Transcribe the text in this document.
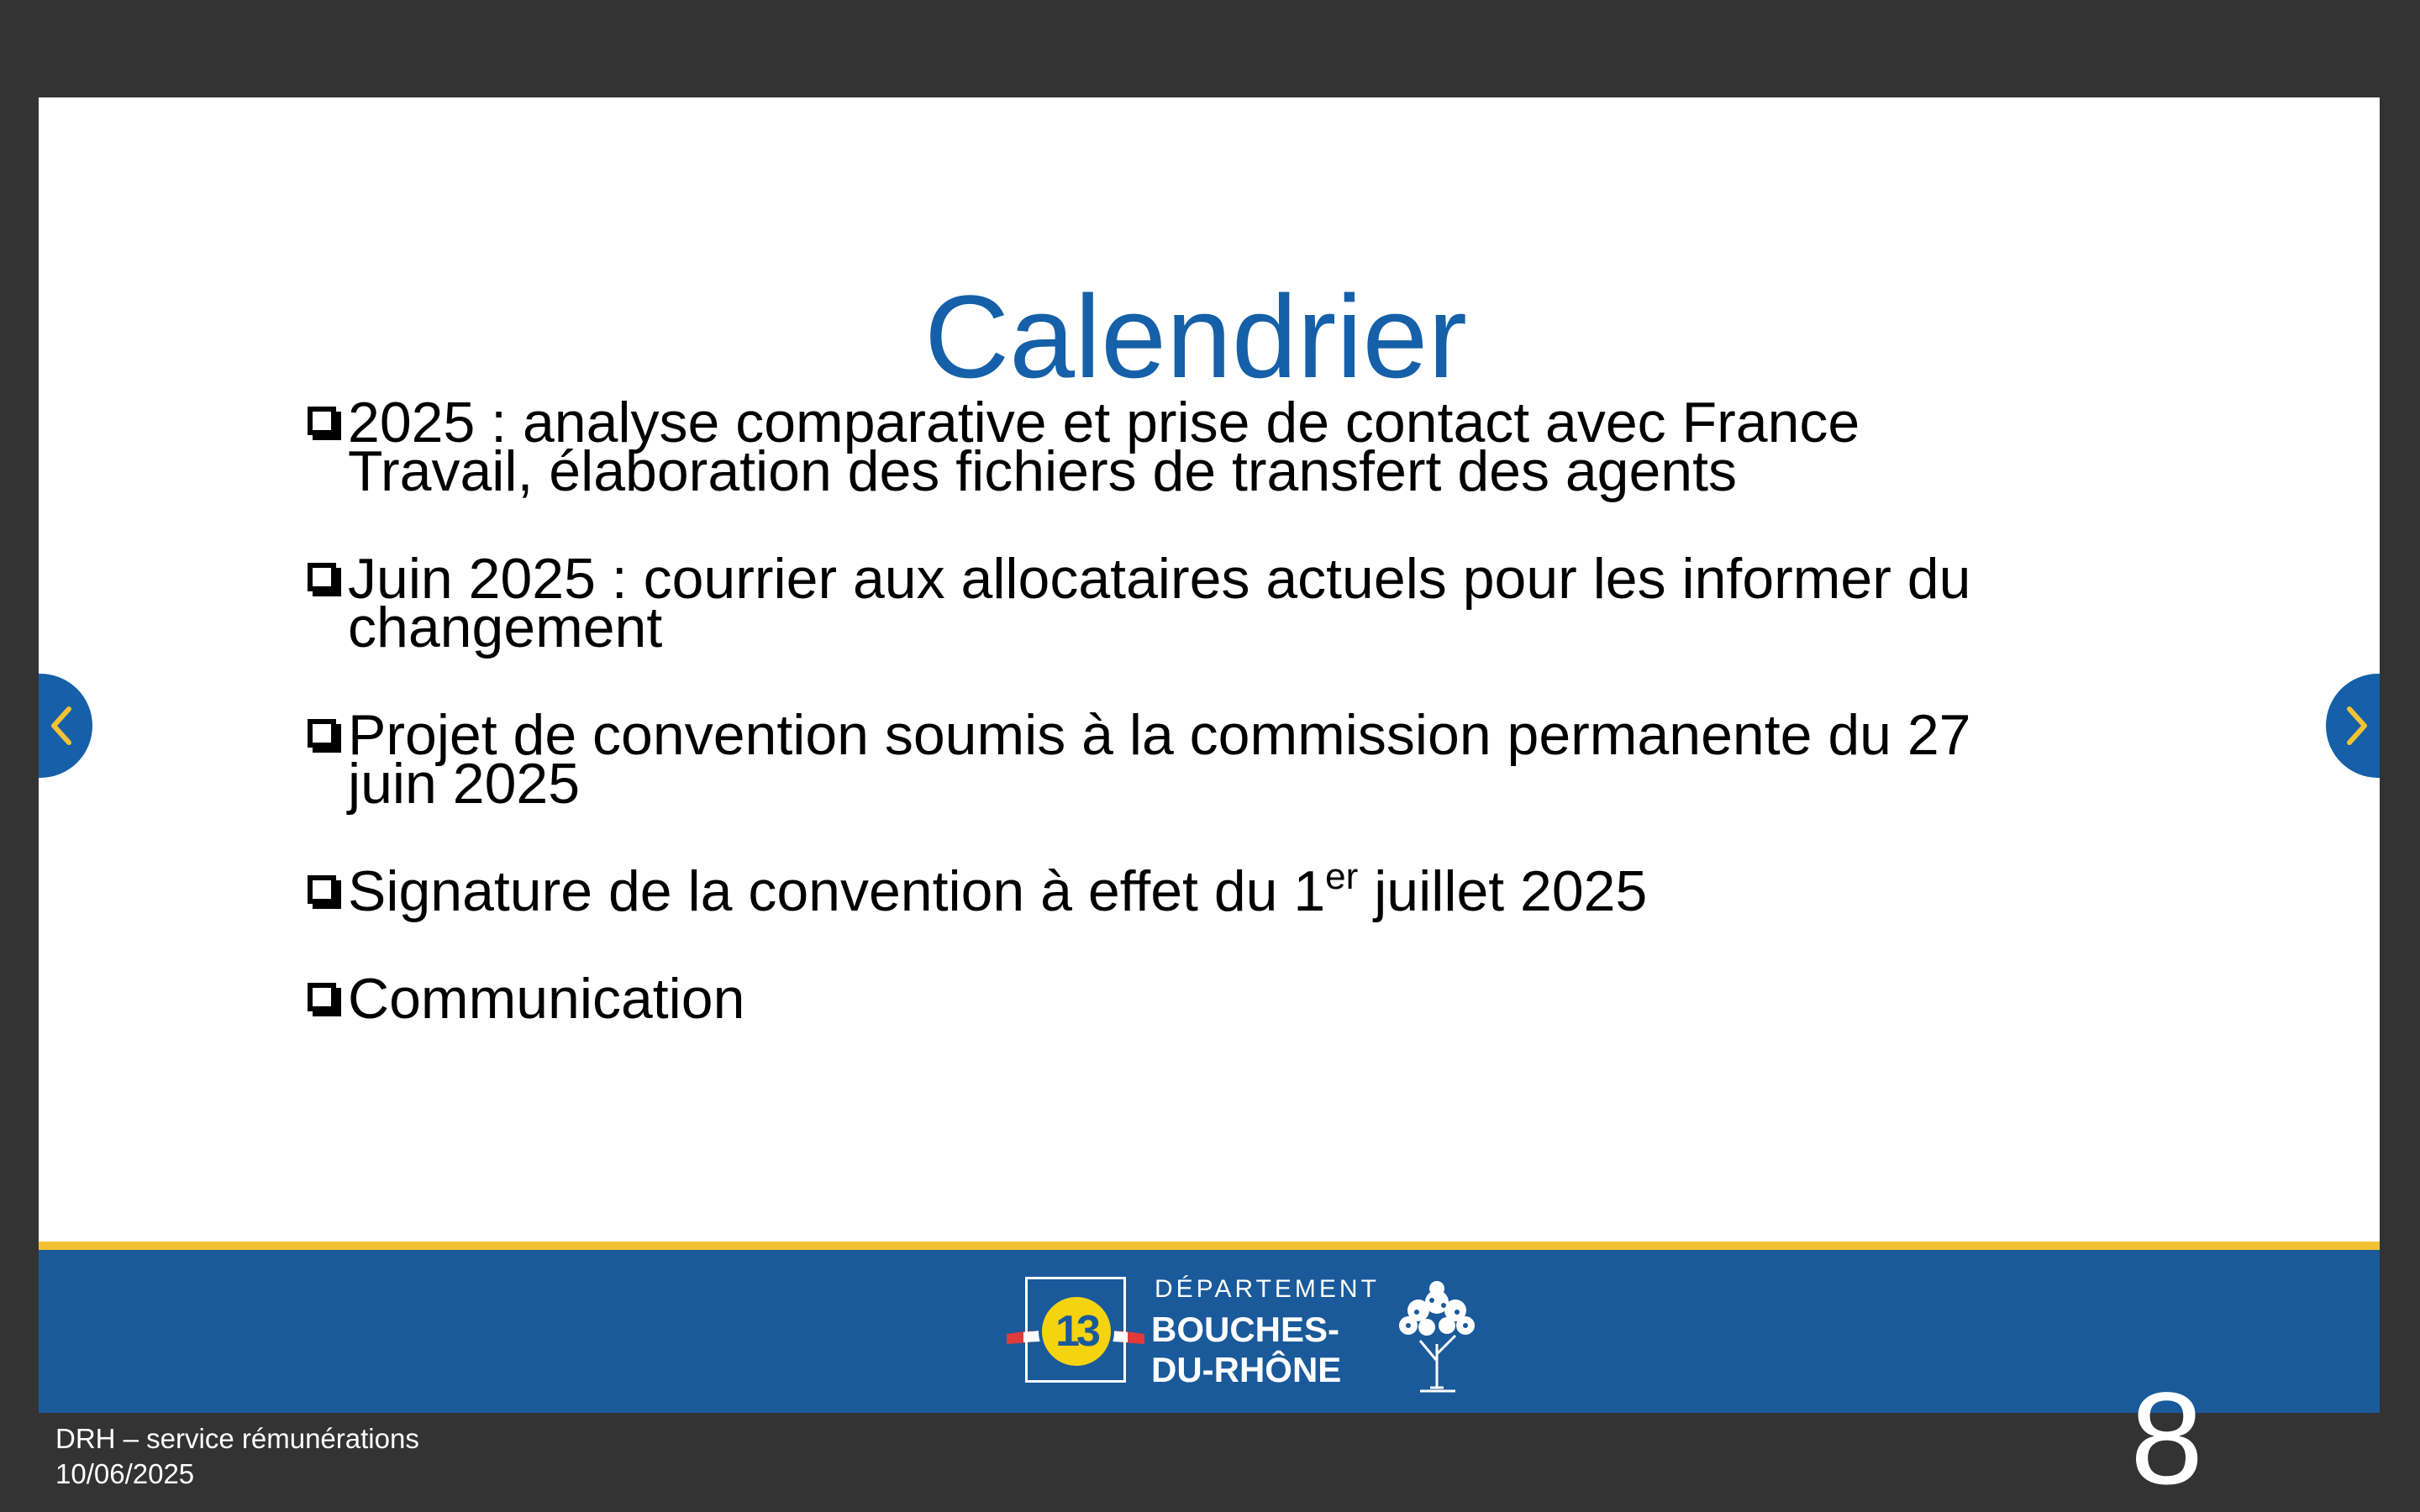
Calendrier
2025 : analyse comparative et prise de contact avec France
Travail, élaboration des fichiers de transfert des agents
Juin 2025 : courrier aux allocataires actuels pour les informer du
changement
Projet de convention soumis à la commission permanente du 27
juin 2025
Signature de la convention à effet du 1er juillet 2025
Communication
DRH – service rémunérations
10/06/2025
13
DÉPARTEMENT
BOUCHES-
DU-RHÔNE	8
